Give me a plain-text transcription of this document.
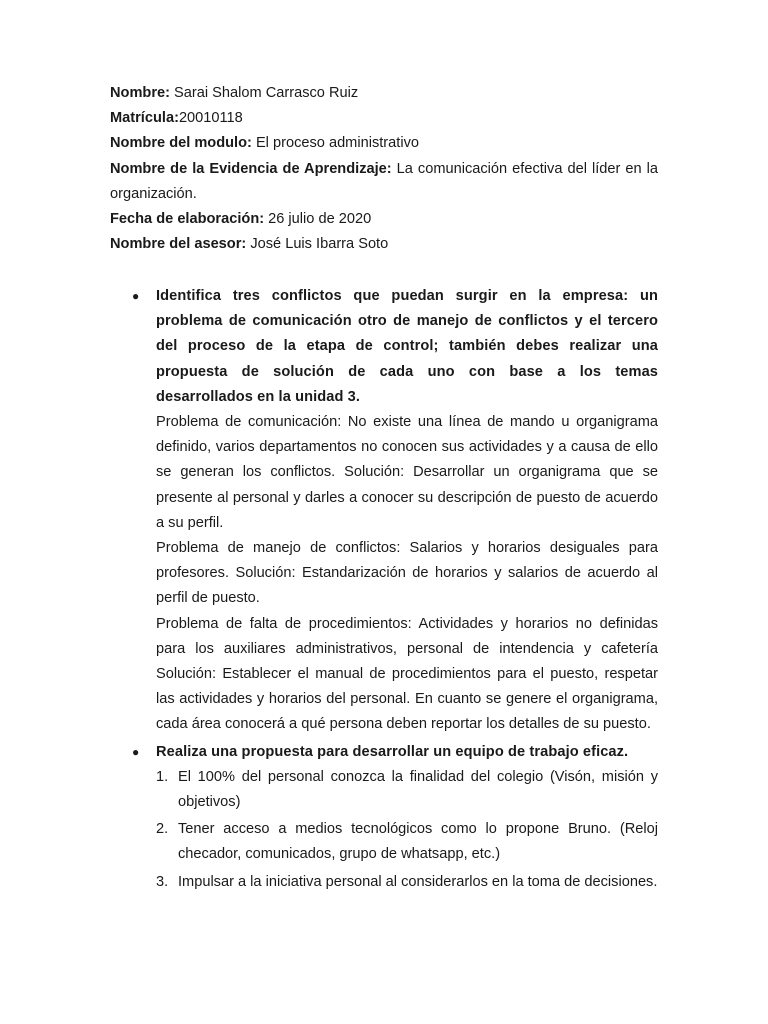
Nombre: Sarai Shalom Carrasco Ruiz

Matrícula:20010118

Nombre del modulo: El proceso administrativo

Nombre de la Evidencia de Aprendizaje: La comunicación efectiva del líder en la organización.

Fecha de elaboración: 26 julio de 2020

Nombre del asesor: José Luis Ibarra Soto

● Identifica tres conflictos que puedan surgir en la empresa: un problema de comunicación otro de manejo de conflictos y el tercero del proceso de la etapa de control; también debes realizar una propuesta de solución de cada uno con base a los temas desarrollados en la unidad 3.

Problema de comunicación: No existe una línea de mando u organigrama definido, varios departamentos no conocen sus actividades y a causa de ello se generan los conflictos. Solución: Desarrollar un organigrama que se presente al personal y darles a conocer su descripción de puesto de acuerdo a su perfil.

Problema de manejo de conflictos: Salarios y horarios desiguales para profesores. Solución: Estandarización de horarios y salarios de acuerdo al perfil de puesto.

Problema de falta de procedimientos: Actividades y horarios no definidas para los auxiliares administrativos, personal de intendencia y cafetería Solución: Establecer el manual de procedimientos para el puesto, respetar las actividades y horarios del personal. En cuanto se genere el organigrama, cada área conocerá a qué persona deben reportar los detalles de su puesto.

● Realiza una propuesta para desarrollar un equipo de trabajo eficaz.

1. El 100% del personal conozca la finalidad del colegio (Visón, misión y objetivos)
2. Tener acceso a medios tecnológicos como lo propone Bruno. (Reloj checador, comunicados, grupo de whatsapp, etc.)
3. Impulsar a la iniciativa personal al considerarlos en la toma de decisiones.
